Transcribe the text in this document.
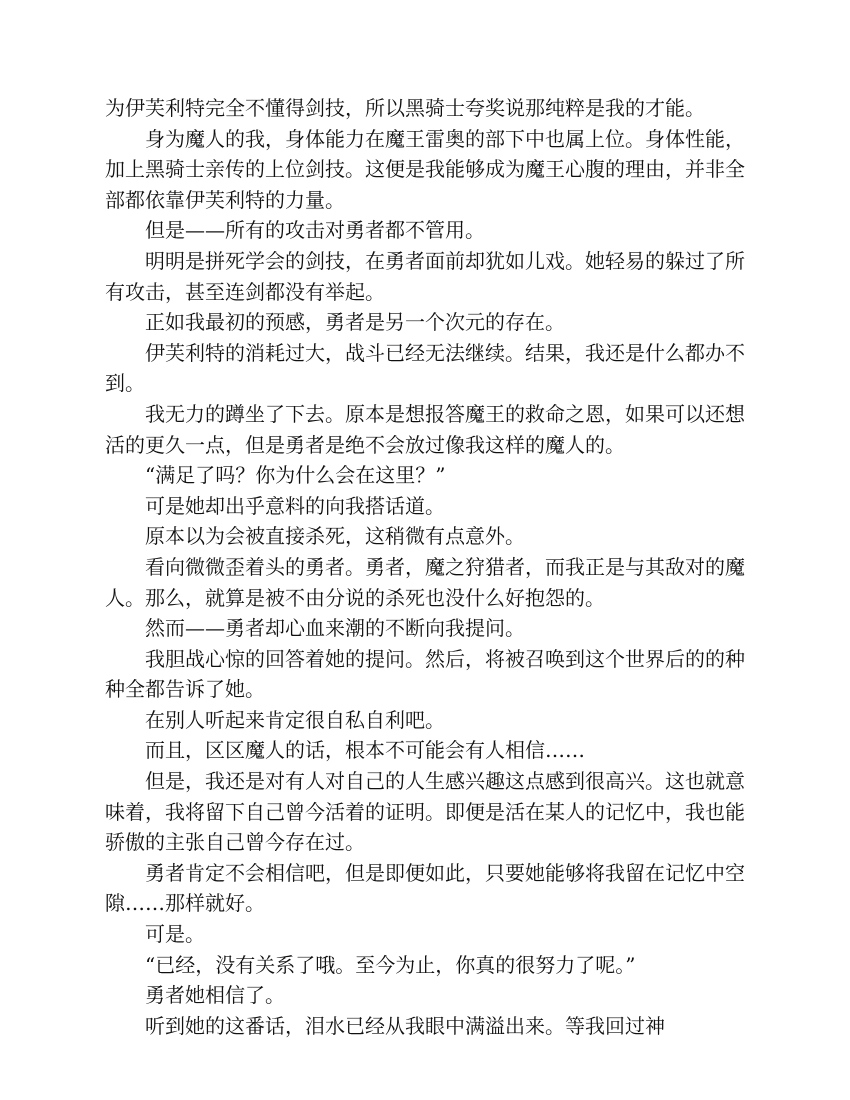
为伊芙利特完全不懂得剑技，所以黑骑士夸奖说那纯粹是我的才能。

身为魔人的我，身体能力在魔王雷奥的部下中也属上位。身体性能，加上黑骑士亲传的上位剑技。这便是我能够成为魔王心腹的理由，并非全部都依靠伊芙利特的力量。

但是——所有的攻击对勇者都不管用。

明明是拼死学会的剑技，在勇者面前却犹如儿戏。她轻易的躲过了所有攻击，甚至连剑都没有举起。

正如我最初的预感，勇者是另一个次元的存在。

伊芙利特的消耗过大，战斗已经无法继续。结果，我还是什么都办不到。

我无力的蹲坐了下去。原本是想报答魔王的救命之恩，如果可以还想活的更久一点，但是勇者是绝不会放过像我这样的魔人的。

“满足了吗？你为什么会在这里？”

可是她却出乎意料的向我搭话道。

原本以为会被直接杀死，这稍微有点意外。

看向微微歪着头的勇者。勇者，魔之狩猎者，而我正是与其敌对的魔人。那么，就算是被不由分说的杀死也没什么好抱怨的。

然而——勇者却心血来潮的不断向我提问。

我胆战心惊的回答着她的提问。然后，将被召唤到这个世界后的的种种全都告诉了她。

在别人听起来肯定很自私自利吧。

而且，区区魔人的话，根本不可能会有人相信……

但是，我还是对有人对自己的人生感兴趣这点感到很高兴。这也就意味着，我将留下自己曾今活着的证明。即便是活在某人的记忆中，我也能骄傲的主张自己曾今存在过。

勇者肯定不会相信吧，但是即便如此，只要她能够将我留在记忆中空隙……那样就好。

可是。

“已经，没有关系了哦。至今为止，你真的很努力了呢。”

勇者她相信了。

听到她的这番话，泪水已经从我眼中满溢出来。等我回过神
